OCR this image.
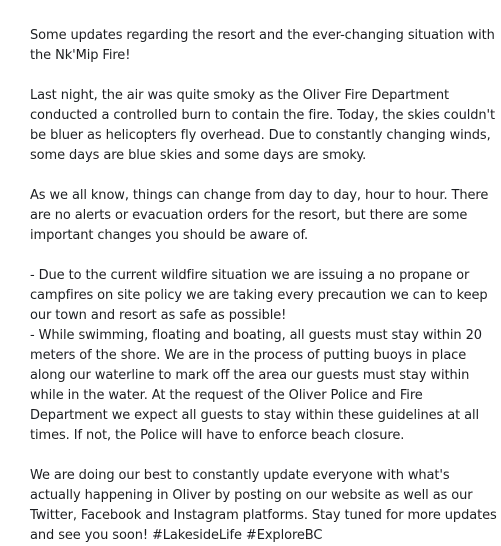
Some updates regarding the resort and the ever-changing situation with
the Nk'Mip Fire!

Last night, the air was quite smoky as the Oliver Fire Department
conducted a controlled burn to contain the fire. Today, the skies couldn't
be bluer as helicopters fly overhead. Due to constantly changing winds,
some days are blue skies and some days are smoky.

As we all know, things can change from day to day, hour to hour. There
are no alerts or evacuation orders for the resort, but there are some
important changes you should be aware of.

- Due to the current wildfire situation we are issuing a no propane or
campfires on site policy we are taking every precaution we can to keep
our town and resort as safe as possible!
- While swimming, floating and boating, all guests must stay within 20
meters of the shore. We are in the process of putting buoys in place
along our waterline to mark off the area our guests must stay within
while in the water. At the request of the Oliver Police and Fire
Department we expect all guests to stay within these guidelines at all
times. If not, the Police will have to enforce beach closure.

We are doing our best to constantly update everyone with what's
actually happening in Oliver by posting on our website as well as our
Twitter, Facebook and Instagram platforms. Stay tuned for more updates
and see you soon! #LakesideLife #ExploreBC
